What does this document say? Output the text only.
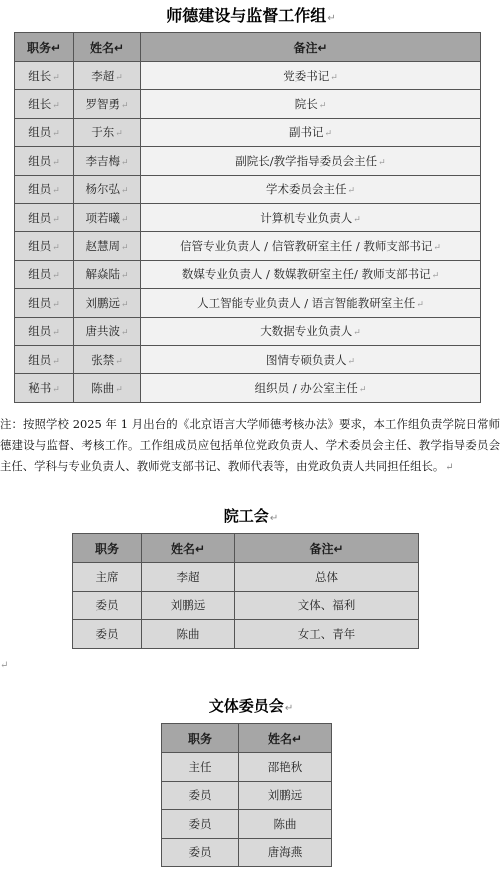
师德建设与监督工作组↵
职务↵	姓名↵	备注↵
组长↵	李超↵	党委书记↵
组长↵	罗智勇↵	院长↵
组员↵	于东↵	副书记↵
组员↵	李吉梅↵	副院长/教学指导委员会主任↵
组员↵	杨尔弘↵	学术委员会主任↵
组员↵	项若曦↵	计算机专业负责人↵
组员↵	赵慧周↵	信管专业负责人 / 信管教研室主任 / 教师支部书记↵
组员↵	解焱陆↵	数媒专业负责人 / 数媒教研室主任/ 教师支部书记↵
组员↵	刘鹏远↵	人工智能专业负责人 / 语言智能教研室主任↵
组员↵	唐共波↵	大数据专业负责人↵
组员↵	张禁↵	图情专硕负责人↵
秘书↵	陈曲↵	组织员 / 办公室主任↵
注：按照学校 2025 年 1 月出台的《北京语言大学师德考核办法》要求，本工作组负责学院日常师德建设与监督、考核工作。工作组成员应包括单位党政负责人、学术委员会主任、教学指导委员会主任、学科与专业负责人、教师党支部书记、教师代表等，由党政负责人共同担任组长。↵
院工会↵
职务	姓名↵	备注↵
主席	李超	总体
委员	刘鹏远	文体、福利
委员	陈曲	女工、青年
↵
文体委员会↵
职务	姓名↵
主任	邵艳秋
委员	刘鹏远
委员	陈曲
委员	唐海燕
